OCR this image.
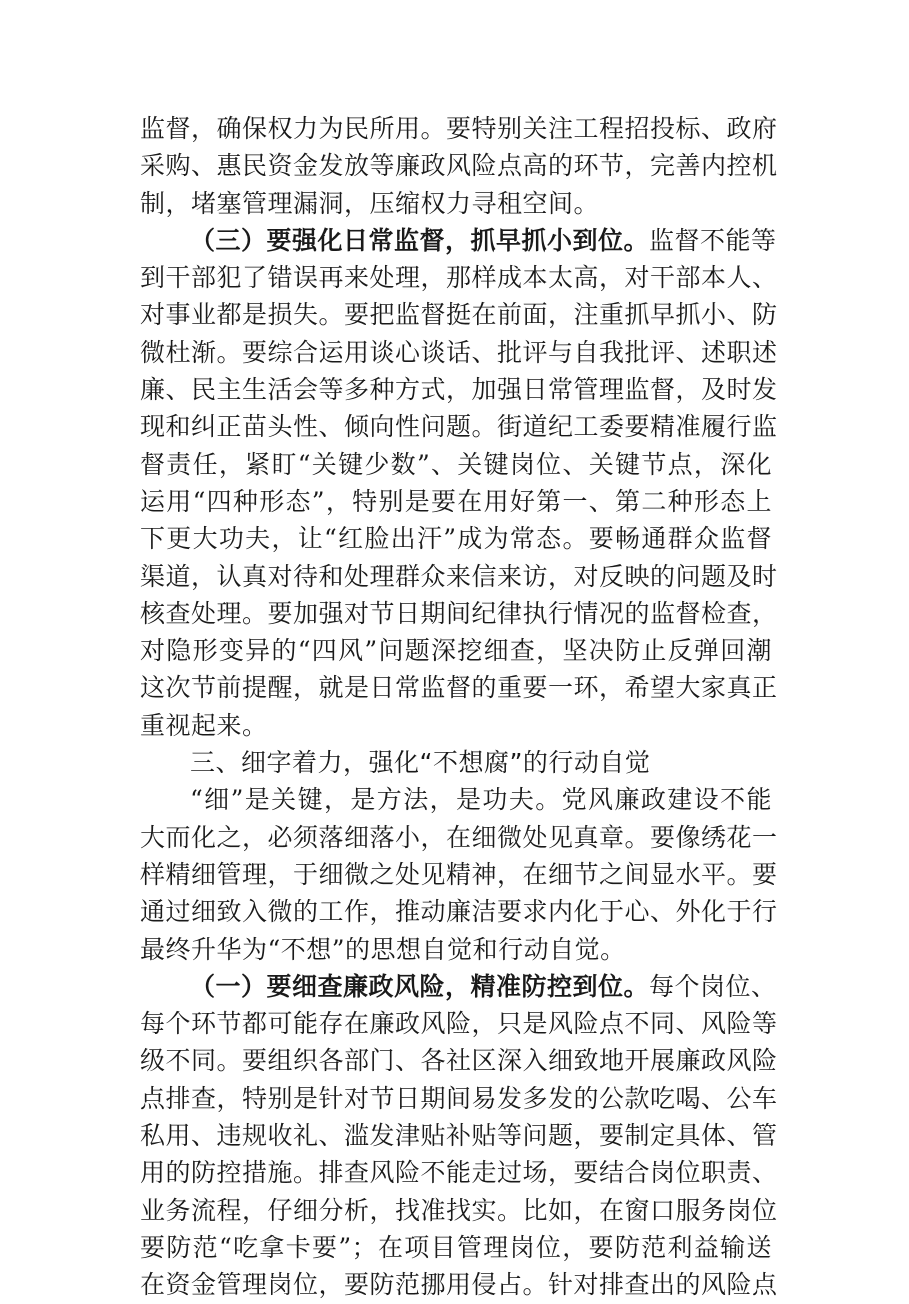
监督，确保权力为民所用。要特别关注工程招投标、政府
采购、惠民资金发放等廉政风险点高的环节，完善内控机
制，堵塞管理漏洞，压缩权力寻租空间。
（三）要强化日常监督，抓早抓小到位。监督不能等
到干部犯了错误再来处理，那样成本太高，对干部本人、
对事业都是损失。要把监督挺在前面，注重抓早抓小、防
微杜渐。要综合运用谈心谈话、批评与自我批评、述职述
廉、民主生活会等多种方式，加强日常管理监督，及时发
现和纠正苗头性、倾向性问题。街道纪工委要精准履行监
督责任，紧盯“关键少数”、关键岗位、关键节点，深化
运用“四种形态”，特别是要在用好第一、第二种形态上
下更大功夫，让“红脸出汗”成为常态。要畅通群众监督
渠道，认真对待和处理群众来信来访，对反映的问题及时
核查处理。要加强对节日期间纪律执行情况的监督检查，
对隐形变异的“四风”问题深挖细查，坚决防止反弹回潮
这次节前提醒，就是日常监督的重要一环，希望大家真正
重视起来。
三、细字着力，强化“不想腐”的行动自觉
“细”是关键，是方法，是功夫。党风廉政建设不能
大而化之，必须落细落小，在细微处见真章。要像绣花一
样精细管理，于细微之处见精神，在细节之间显水平。要
通过细致入微的工作，推动廉洁要求内化于心、外化于行
最终升华为“不想”的思想自觉和行动自觉。
（一）要细查廉政风险，精准防控到位。每个岗位、
每个环节都可能存在廉政风险，只是风险点不同、风险等
级不同。要组织各部门、各社区深入细致地开展廉政风险
点排查，特别是针对节日期间易发多发的公款吃喝、公车
私用、违规收礼、滥发津贴补贴等问题，要制定具体、管
用的防控措施。排查风险不能走过场，要结合岗位职责、
业务流程，仔细分析，找准找实。比如，在窗口服务岗位
要防范“吃拿卡要”；在项目管理岗位，要防范利益输送
在资金管理岗位，要防范挪用侵占。针对排查出的风险点
